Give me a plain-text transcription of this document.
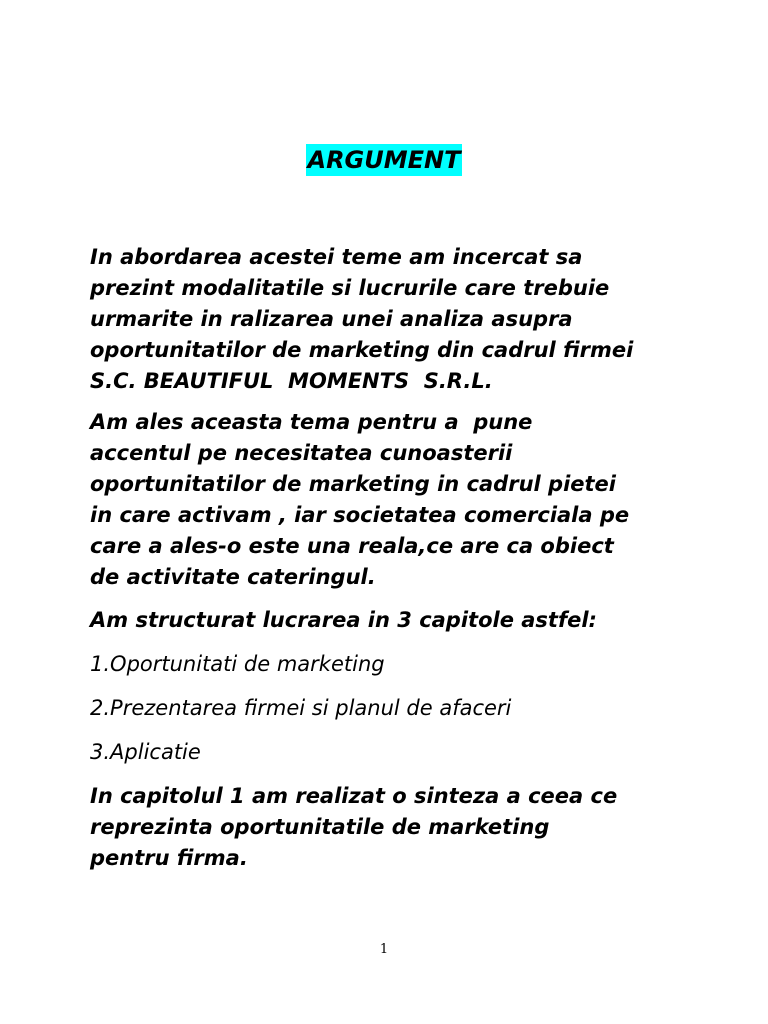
ARGUMENT
In abordarea acestei teme am incercat sa
prezint modalitatile si lucrurile care trebuie
urmarite in ralizarea unei analiza asupra
oportunitatilor de marketing din cadrul firmei
S.C. BEAUTIFUL  MOMENTS  S.R.L.
Am ales aceasta tema pentru a  pune
accentul pe necesitatea cunoasterii
oportunitatilor de marketing in cadrul pietei
in care activam , iar societatea comerciala pe
care a ales-o este una reala,ce are ca obiect
de activitate cateringul.
Am structurat lucrarea in 3 capitole astfel:
1.Oportunitati de marketing
2.Prezentarea firmei si planul de afaceri
3.Aplicatie
In capitolul 1 am realizat o sinteza a ceea ce
reprezinta oportunitatile de marketing
pentru firma.
1
